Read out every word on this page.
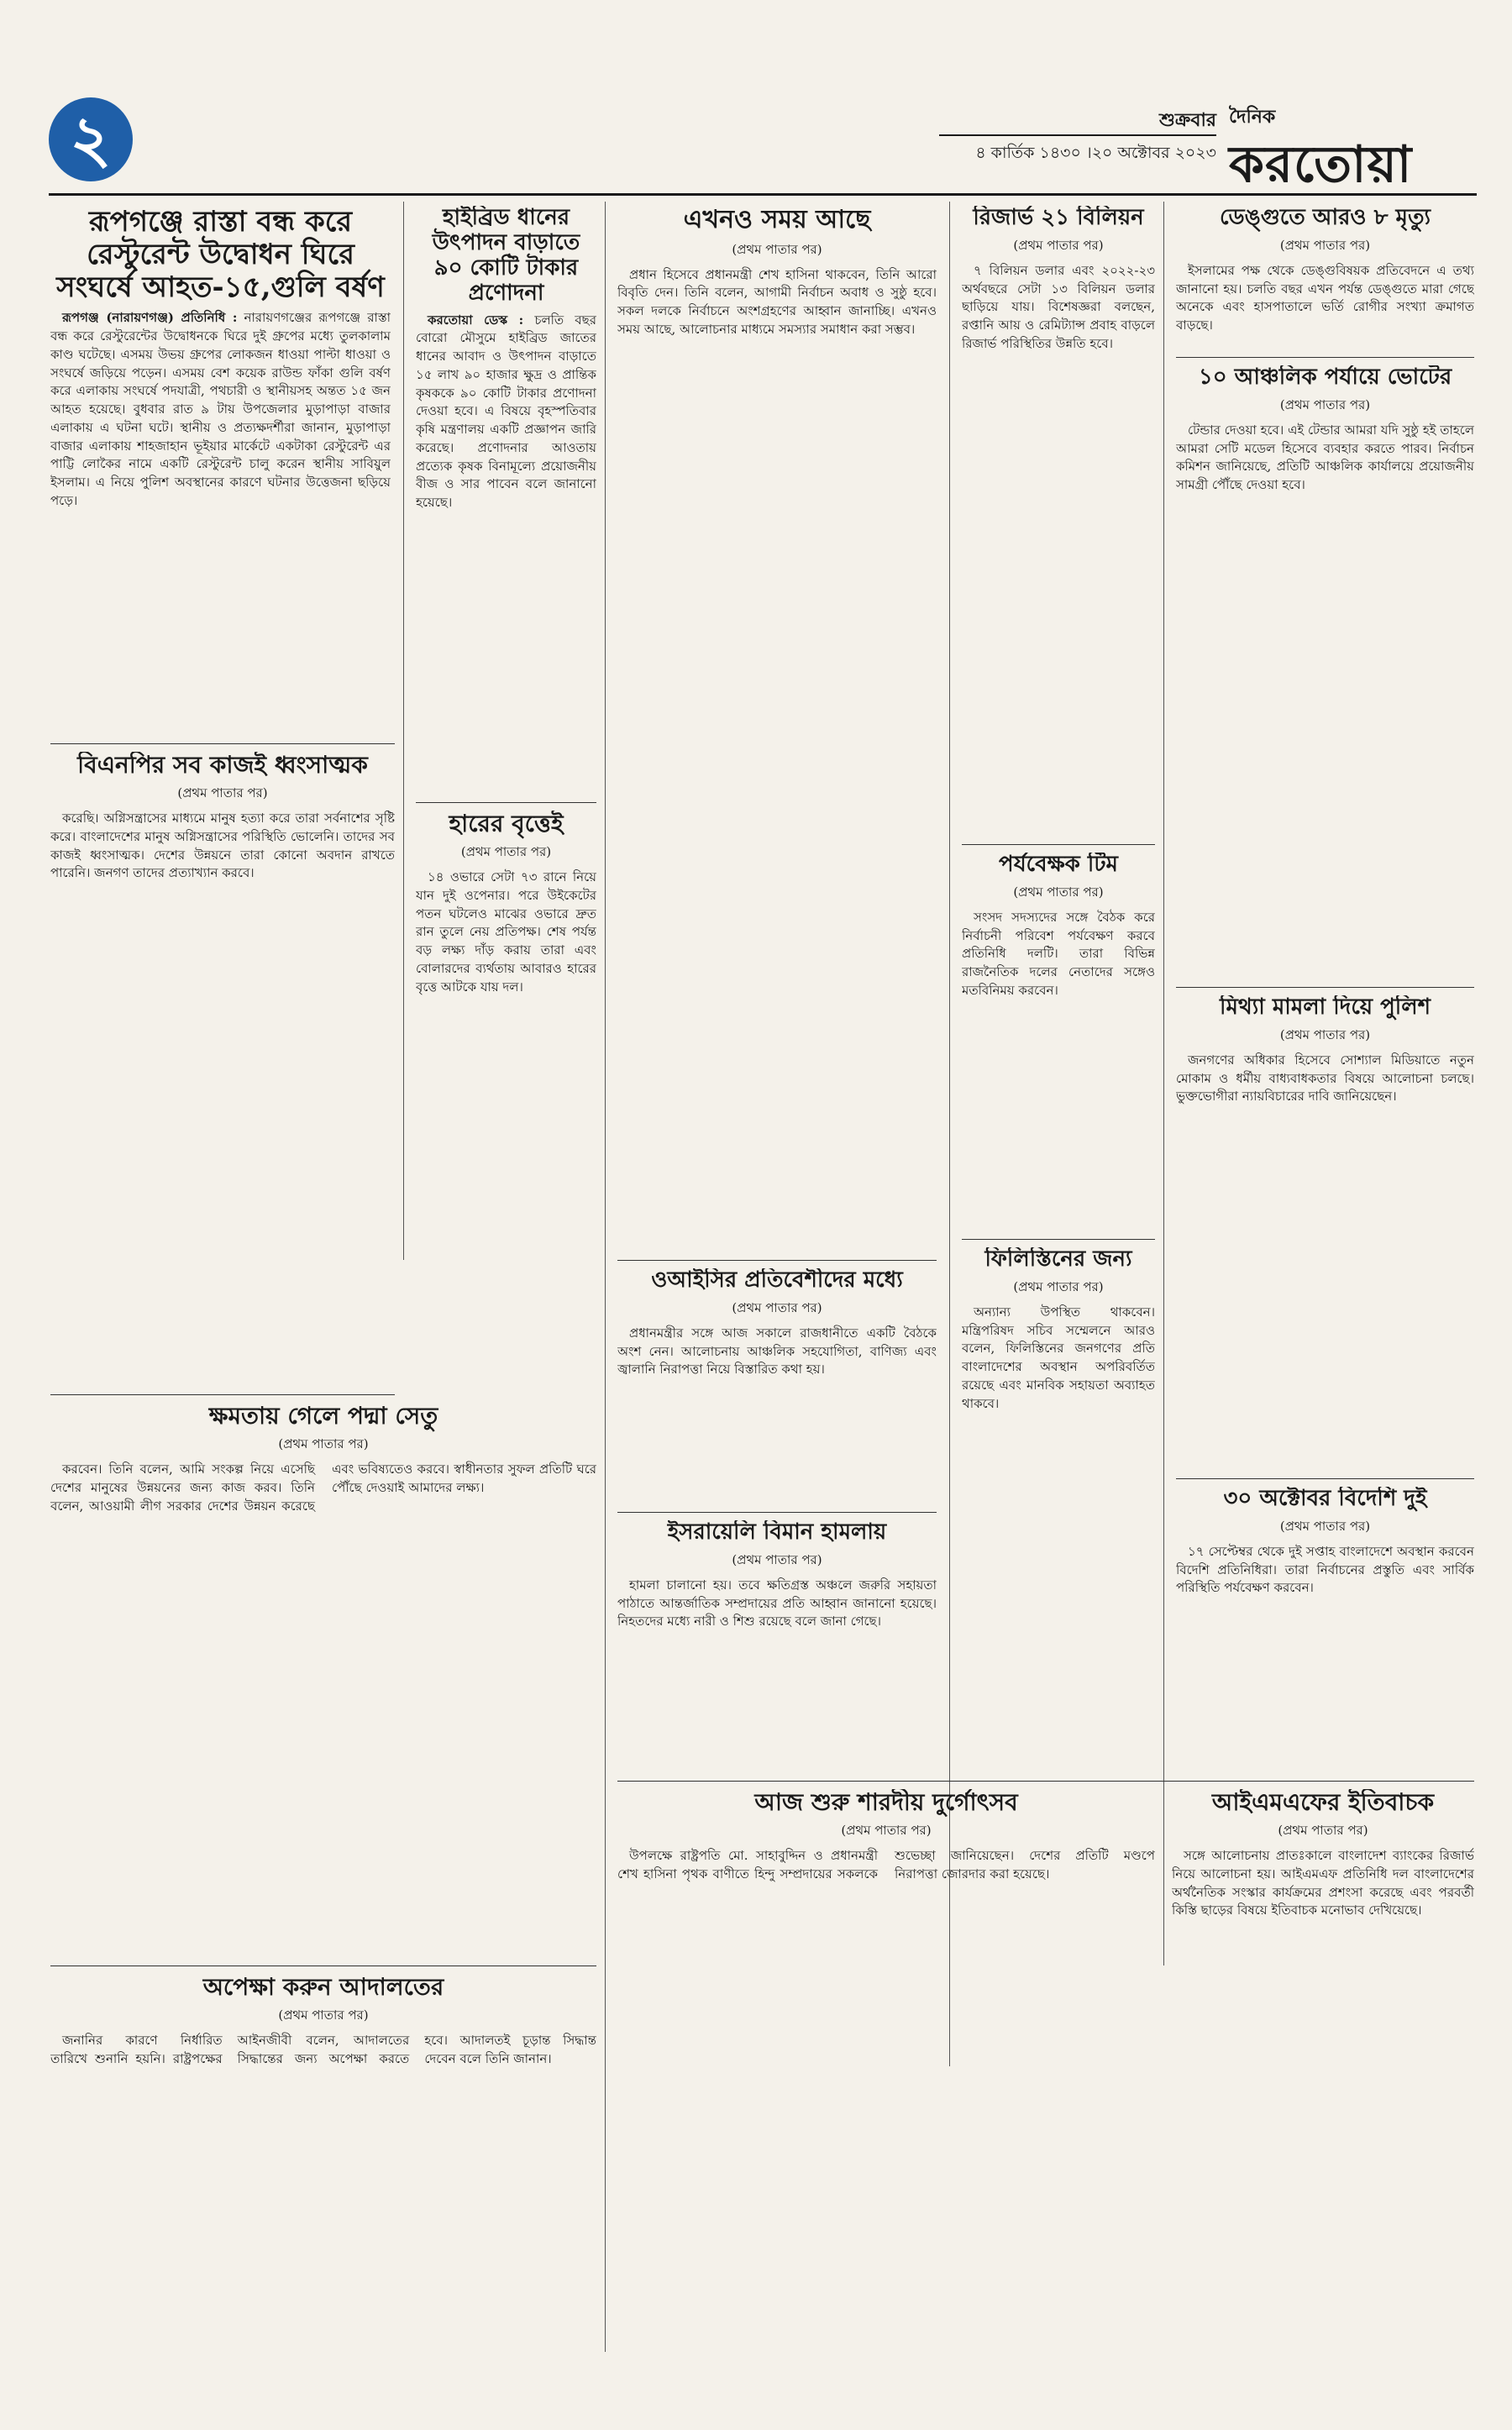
২	শুক্রবার
৪ কার্তিক ১৪৩০ ।২০ অক্টোবর ২০২৩
দৈনিক
করতোয়া
রূপগঞ্জে রাস্তা বন্ধ করে রেস্টুরেন্ট উদ্বোধন ঘিরে সংঘর্ষে আহত-১৫,গুলি বর্ষণ

রূপগঞ্জ (নারায়ণগঞ্জ) প্রতিনিধি : নারায়ণগঞ্জের রূপগঞ্জে রাস্তা বন্ধ করে রেস্টুরেন্টের উদ্বোধনকে ঘিরে দুই গ্রুপের মধ্যে তুলকালাম কাণ্ড ঘটেছে। এসময় উভয় গ্রুপের লোকজন ধাওয়া পাল্টা ধাওয়া ও সংঘর্ষে জড়িয়ে পড়েন। এসময় বেশ কয়েক রাউন্ড ফাঁকা গুলি বর্ষণ করে এলাকায় সংঘর্ষে পদযাত্রী, পথচারী ও স্থানীয়সহ অন্তত ১৫ জন আহত হয়েছে। বুধবার রাত ৯ টায় উপজেলার মুড়াপাড়া বাজার এলাকায় এ ঘটনা ঘটে। স্থানীয় ও প্রত্যক্ষদর্শীরা জানান, মুড়াপাড়া বাজার এলাকায় শাহজাহান ভূইয়ার মার্কেটে একটাকা রেস্টুরেন্ট এর পাট্টি লোকৈর নামে একটি রেস্টুরেন্ট চালু করেন স্থানীয় সাবিয়ুল ইসলাম। এ নিয়ে পুলিশ অবস্থানের কারণে ঘটনার উত্তেজনা ছড়িয়ে পড়ে।

হাইব্রিড ধানের উৎপাদন বাড়াতে ৯০ কোটি টাকার প্রণোদনা

করতোয়া ডেস্ক : চলতি বছর বোরো মৌসুমে হাইব্রিড জাতের ধানের আবাদ ও উৎপাদন বাড়াতে ১৫ লাখ ৯০ হাজার ক্ষুদ্র ও প্রান্তিক কৃষককে ৯০ কোটি টাকার প্রণোদনা দেওয়া হবে। এ বিষয়ে বৃহস্পতিবার কৃষি মন্ত্রণালয় একটি প্রজ্ঞাপন জারি করেছে। প্রণোদনার আওতায় প্রত্যেক কৃষক বিনামূল্যে প্রয়োজনীয় বীজ ও সার পাবেন বলে জানানো হয়েছে।

বিএনপির সব কাজই ধ্বংসাত্মক
(প্রথম পাতার পর)

করেছি। অগ্নিসন্ত্রাসের মাধ্যমে মানুষ হত্যা করে তারা সর্বনাশের সৃষ্টি করে। বাংলাদেশের মানুষ অগ্নিসন্ত্রাসের পরিস্থিতি ভোলেনি। তাদের সব কাজই ধ্বংসাত্মক। দেশের উন্নয়নে তারা কোনো অবদান রাখতে পারেনি। জনগণ তাদের প্রত্যাখ্যান করবে।

ক্ষমতায় গেলে পদ্মা সেতু
(প্রথম পাতার পর)

করবেন। তিনি বলেন, আমি সংকল্প নিয়ে এসেছি দেশের মানুষের উন্নয়নের জন্য কাজ করব। তিনি বলেন, আওয়ামী লীগ সরকার দেশের উন্নয়ন করেছে এবং ভবিষ্যতেও করবে। স্বাধীনতার সুফল প্রতিটি ঘরে পৌঁছে দেওয়াই আমাদের লক্ষ্য।

হারের বৃত্তেই
(প্রথম পাতার পর)

১৪ ওভারে সেটা ৭৩ রানে নিয়ে যান দুই ওপেনার। পরে উইকেটের পতন ঘটলেও মাঝের ওভারে দ্রুত রান তুলে নেয় প্রতিপক্ষ। শেষ পর্যন্ত বড় লক্ষ্য দাঁড় করায় তারা এবং বোলারদের ব্যর্থতায় আবারও হারের বৃত্তে আটকে যায় দল।

এখনও সময় আছে
(প্রথম পাতার পর)

প্রধান হিসেবে প্রধানমন্ত্রী শেখ হাসিনা থাকবেন, তিনি আরো বিবৃতি দেন। তিনি বলেন, আগামী নির্বাচন অবাধ ও সুষ্ঠু হবে। সকল দলকে নির্বাচনে অংশগ্রহণের আহ্বান জানাচ্ছি। এখনও সময় আছে, আলোচনার মাধ্যমে সমস্যার সমাধান করা সম্ভব।

ওআইসির প্রতিবেশীদের মধ্যে
(প্রথম পাতার পর)

প্রধানমন্ত্রীর সঙ্গে আজ সকালে রাজধানীতে একটি বৈঠকে অংশ নেন। আলোচনায় আঞ্চলিক সহযোগিতা, বাণিজ্য এবং জ্বালানি নিরাপত্তা নিয়ে বিস্তারিত কথা হয়।

ইসরায়েলি বিমান হামলায়
(প্রথম পাতার পর)

হামলা চালানো হয়। তবে ক্ষতিগ্রস্ত অঞ্চলে জরুরি সহায়তা পাঠাতে আন্তর্জাতিক সম্প্রদায়ের প্রতি আহ্বান জানানো হয়েছে। নিহতদের মধ্যে নারী ও শিশু রয়েছে বলে জানা গেছে।

আজ শুরু শারদীয় দুর্গোৎসব
(প্রথম পাতার পর)

উপলক্ষে রাষ্ট্রপতি মো. সাহাবুদ্দিন ও প্রধানমন্ত্রী শেখ হাসিনা পৃথক বাণীতে হিন্দু সম্প্রদায়ের সকলকে শুভেচ্ছা জানিয়েছেন। দেশের প্রতিটি মণ্ডপে নিরাপত্তা জোরদার করা হয়েছে।

অপেক্ষা করুন আদালতের
(প্রথম পাতার পর)

জনানির কারণে নির্ধারিত তারিখে শুনানি হয়নি। রাষ্ট্রপক্ষের আইনজীবী বলেন, আদালতের সিদ্ধান্তের জন্য অপেক্ষা করতে হবে। আদালতই চূড়ান্ত সিদ্ধান্ত দেবেন বলে তিনি জানান।

রিজার্ভ ২১ বিলিয়ন
(প্রথম পাতার পর)

৭ বিলিয়ন ডলার এবং ২০২২-২৩ অর্থবছরে সেটা ১৩ বিলিয়ন ডলার ছাড়িয়ে যায়। বিশেষজ্ঞরা বলছেন, রপ্তানি আয় ও রেমিট্যান্স প্রবাহ বাড়লে রিজার্ভ পরিস্থিতির উন্নতি হবে।

পর্যবেক্ষক টিম
(প্রথম পাতার পর)

সংসদ সদস্যদের সঙ্গে বৈঠক করে নির্বাচনী পরিবেশ পর্যবেক্ষণ করবে প্রতিনিধি দলটি। তারা বিভিন্ন রাজনৈতিক দলের নেতাদের সঙ্গেও মতবিনিময় করবেন।

ফিলিস্তিনের জন্য
(প্রথম পাতার পর)

অন্যান্য উপস্থিত থাকবেন। মন্ত্রিপরিষদ সচিব সম্মেলনে আরও বলেন, ফিলিস্তিনের জনগণের প্রতি বাংলাদেশের অবস্থান অপরিবর্তিত রয়েছে এবং মানবিক সহায়তা অব্যাহত থাকবে।

ডেঙ্গুতে আরও ৮ মৃত্যু
(প্রথম পাতার পর)

ইসলামের পক্ষ থেকে ডেঙ্গুবিষয়ক প্রতিবেদনে এ তথ্য জানানো হয়। চলতি বছর এখন পর্যন্ত ডেঙ্গুতে মারা গেছে অনেকে এবং হাসপাতালে ভর্তি রোগীর সংখ্যা ক্রমাগত বাড়ছে।

১০ আঞ্চলিক পর্যায়ে ভোটের
(প্রথম পাতার পর)

টেন্ডার দেওয়া হবে। এই টেন্ডার আমরা যদি সুষ্ঠু হই তাহলে আমরা সেটি মডেল হিসেবে ব্যবহার করতে পারব। নির্বাচন কমিশন জানিয়েছে, প্রতিটি আঞ্চলিক কার্যালয়ে প্রয়োজনীয় সামগ্রী পৌঁছে দেওয়া হবে।

মিথ্যা মামলা দিয়ে পুলিশ
(প্রথম পাতার পর)

জনগণের অধিকার হিসেবে সোশ্যাল মিডিয়াতে নতুন মোকাম ও ধর্মীয় বাধ্যবাধকতার বিষয়ে আলোচনা চলছে। ভুক্তভোগীরা ন্যায়বিচারের দাবি জানিয়েছেন।

৩০ অক্টোবর বিদেশি দুই
(প্রথম পাতার পর)

১৭ সেপ্টেম্বর থেকে দুই সপ্তাহ বাংলাদেশে অবস্থান করবেন বিদেশি প্রতিনিধিরা। তারা নির্বাচনের প্রস্তুতি এবং সার্বিক পরিস্থিতি পর্যবেক্ষণ করবেন।

আইএমএফের ইতিবাচক
(প্রথম পাতার পর)

সঙ্গে আলোচনায় প্রাতঃকালে বাংলাদেশ ব্যাংকের রিজার্ভ নিয়ে আলোচনা হয়। আইএমএফ প্রতিনিধি দল বাংলাদেশের অর্থনৈতিক সংস্কার কার্যক্রমের প্রশংসা করেছে এবং পরবর্তী কিস্তি ছাড়ের বিষয়ে ইতিবাচক মনোভাব দেখিয়েছে।
